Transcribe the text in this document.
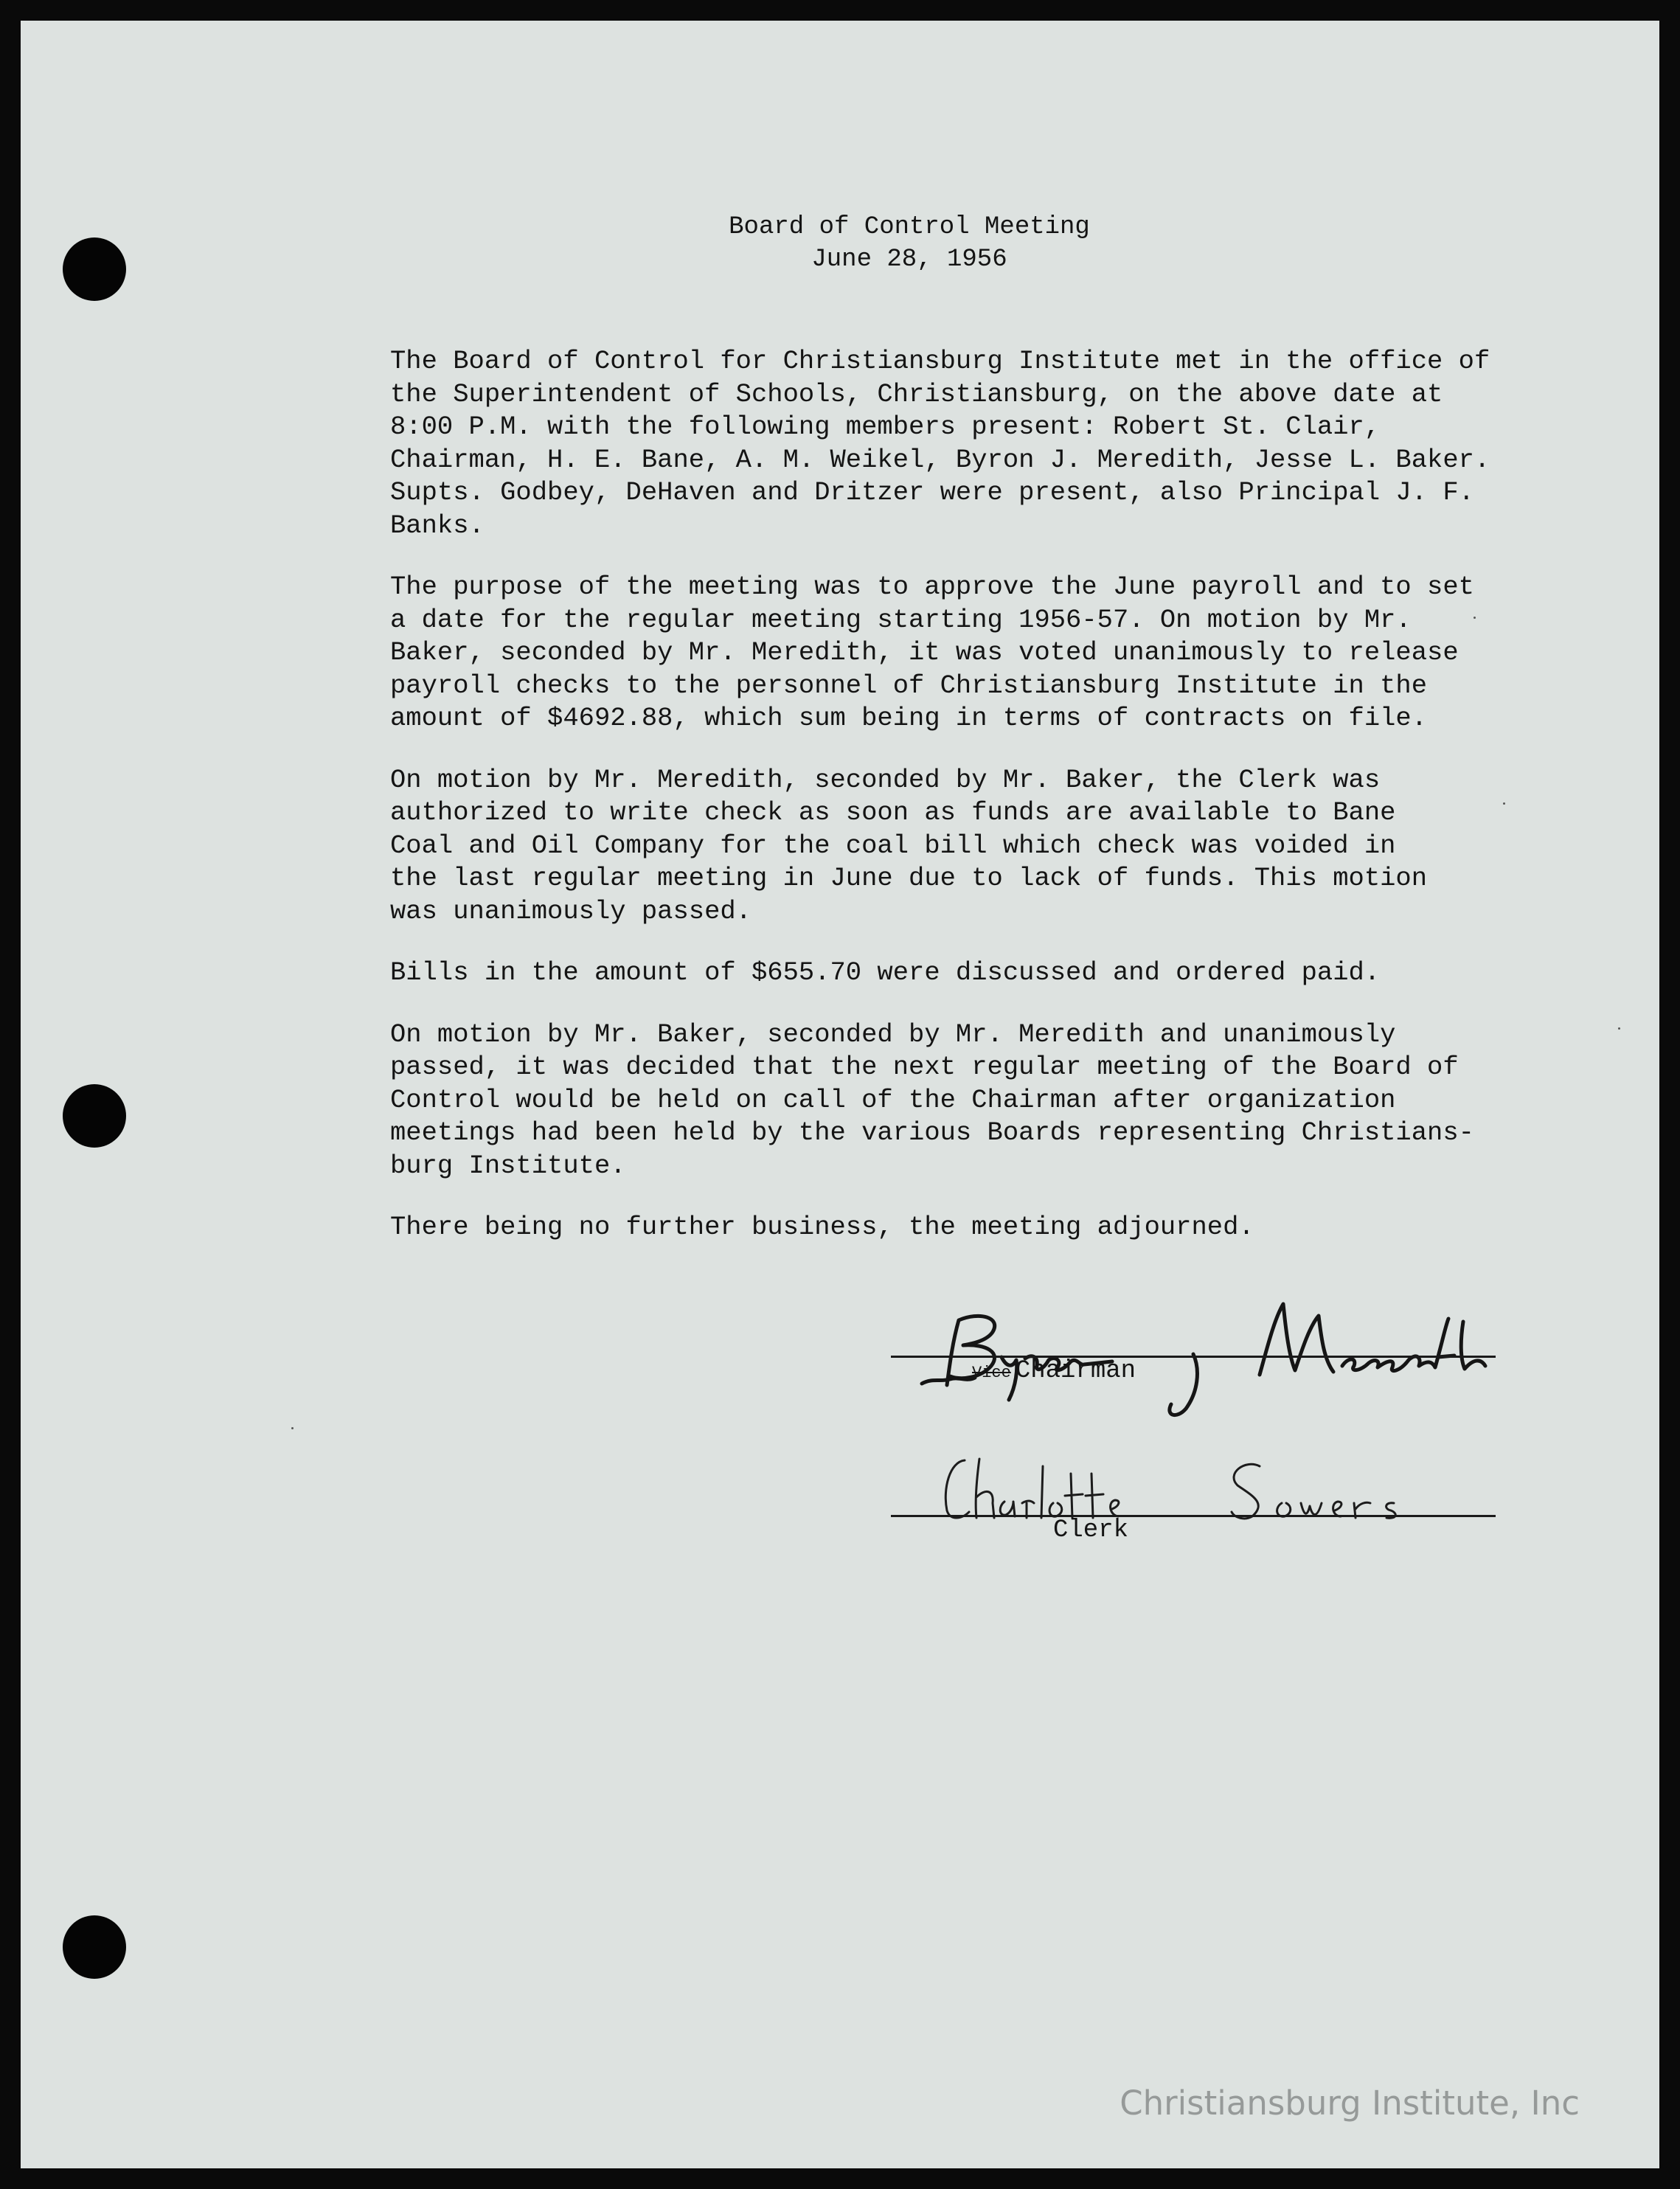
Board of Control Meeting
June 28, 1956

The Board of Control for Christiansburg Institute met in the office of
the Superintendent of Schools, Christiansburg, on the above date at
8:00 P.M. with the following members present: Robert St. Clair,
Chairman, H. E. Bane, A. M. Weikel, Byron J. Meredith, Jesse L. Baker.
Supts. Godbey, DeHaven and Dritzer were present, also Principal J. F.
Banks.

The purpose of the meeting was to approve the June payroll and to set
a date for the regular meeting starting 1956-57. On motion by Mr.
Baker, seconded by Mr. Meredith, it was voted unanimously to release
payroll checks to the personnel of Christiansburg Institute in the
amount of $4692.88, which sum being in terms of contracts on file.

On motion by Mr. Meredith, seconded by Mr. Baker, the Clerk was
authorized to write check as soon as funds are available to Bane
Coal and Oil Company for the coal bill which check was voided in
the last regular meeting in June due to lack of funds. This motion
was unanimously passed.

Bills in the amount of $655.70 were discussed and ordered paid.

On motion by Mr. Baker, seconded by Mr. Meredith and unanimously
passed, it was decided that the next regular meeting of the Board of
Control would be held on call of the Chairman after organization
meetings had been held by the various Boards representing Christians-
burg Institute.

There being no further business, the meeting adjourned.

Vice Chairman
Clerk
Christiansburg Institute, Inc
